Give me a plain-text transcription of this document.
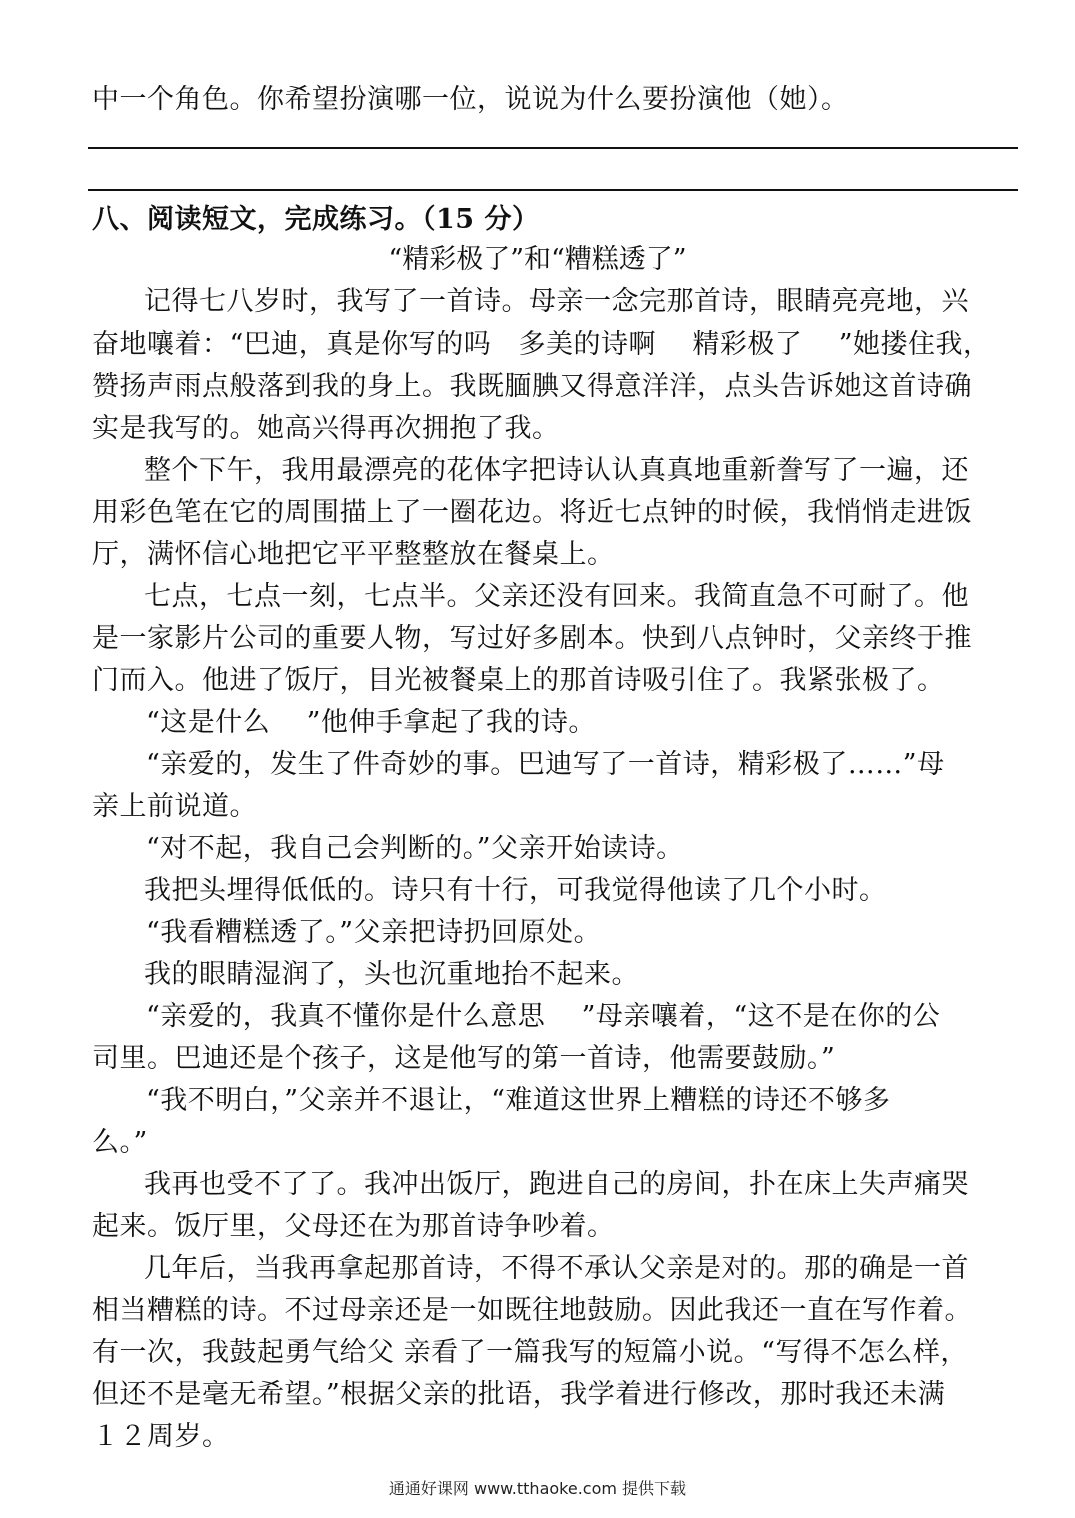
中一个角色。你希望扮演哪一位，说说为什么要扮演他（她）。
八、阅读短文，完成练习。（15 分）
“精彩极了”和“糟糕透了”
记得七八岁时，我写了一首诗。母亲一念完那首诗，眼睛亮亮地，兴
奋地嚷着：“巴迪，真是你写的吗   多美的诗啊    精彩极了    ”她搂住我，
赞扬声雨点般落到我的身上。我既腼腆又得意洋洋，点头告诉她这首诗确
实是我写的。她高兴得再次拥抱了我。
整个下午，我用最漂亮的花体字把诗认认真真地重新誊写了一遍，还
用彩色笔在它的周围描上了一圈花边。将近七点钟的时候，我悄悄走进饭
厅，满怀信心地把它平平整整放在餐桌上。
七点，七点一刻，七点半。父亲还没有回来。我简直急不可耐了。他
是一家影片公司的重要人物，写过好多剧本。快到八点钟时，父亲终于推
门而入。他进了饭厅，目光被餐桌上的那首诗吸引住了。我紧张极了。
“这是什么    ”他伸手拿起了我的诗。
“亲爱的，发生了件奇妙的事。巴迪写了一首诗，精彩极了……”母
亲上前说道。
“对不起，我自己会判断的。”父亲开始读诗。
我把头埋得低低的。诗只有十行，可我觉得他读了几个小时。
“我看糟糕透了。”父亲把诗扔回原处。
我的眼睛湿润了，头也沉重地抬不起来。
“亲爱的，我真不懂你是什么意思    ”母亲嚷着，“这不是在你的公
司里。巴迪还是个孩子，这是他写的第一首诗，他需要鼓励。”
“我不明白，”父亲并不退让，“难道这世界上糟糕的诗还不够多
么。”
我再也受不了了。我冲出饭厅，跑进自己的房间，扑在床上失声痛哭
起来。饭厅里，父母还在为那首诗争吵着。
几年后，当我再拿起那首诗，不得不承认父亲是对的。那的确是一首
相当糟糕的诗。不过母亲还是一如既往地鼓励。因此我还一直在写作着。
有一次，我鼓起勇气给父 亲看了一篇我写的短篇小说。“写得不怎么样，
但还不是毫无希望。”根据父亲的批语，我学着进行修改，那时我还未满
１２周岁。
通通好课网 www.tthaoke.com 提供下载
